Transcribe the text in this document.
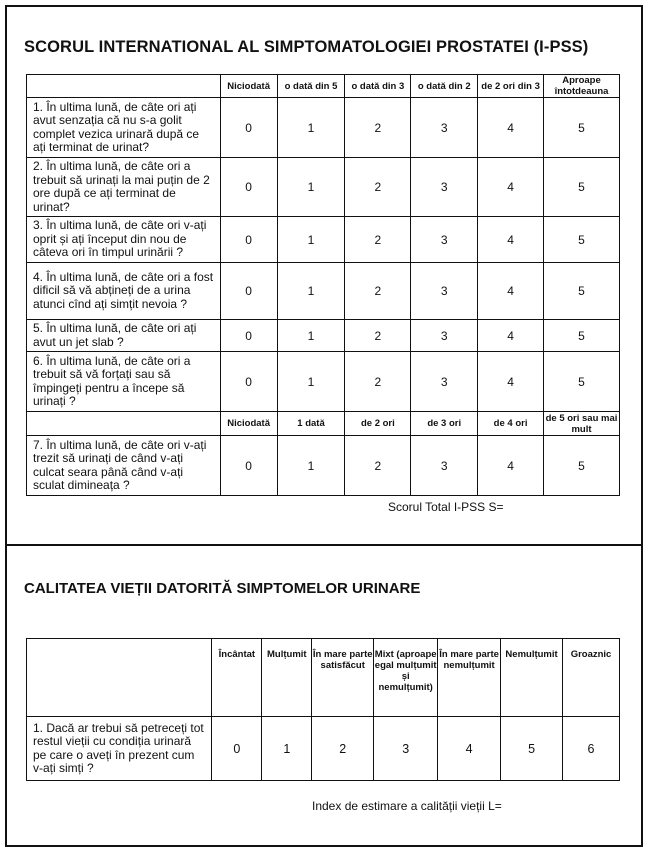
SCORUL INTERNATIONAL AL SIMPTOMATOLOGIEI PROSTATEI (I-PSS)
	Niciodată	o dată din 5	o dată din 3	o dată din 2	de 2 ori din 3	Aproape întotdeauna
1. În ultima lună, de câte ori ați avut senzația că nu s-a golit complet vezica urinară după ce ați terminat de urinat?	0	1	2	3	4	5
2. În ultima lună, de câte ori a trebuit să urinați la mai puțin de 2 ore după ce ați terminat de urinat?	0	1	2	3	4	5
3. În ultima lună, de câte ori v-ați oprit și ați început din nou de câteva ori în timpul urinării ?	0	1	2	3	4	5
4. În ultima lună, de câte ori a fost dificil să vă abțineți de a urina atunci cînd ați simțit nevoia ?	0	1	2	3	4	5
5. În ultima lună, de câte ori ați avut un jet slab ?	0	1	2	3	4	5
6. În ultima lună, de câte ori a trebuit să vă forțați sau să împingeți pentru a începe să urinați ?	0	1	2	3	4	5
	Niciodată	1 dată	de 2 ori	de 3 ori	de 4 ori	de 5 ori sau mai mult
7. În ultima lună, de câte ori v-ați trezit să urinați de când v-ați culcat seara până când v-ați sculat dimineața ?	0	1	2	3	4	5
Scorul Total I-PSS S=
CALITATEA VIEȚII DATORITĂ SIMPTOMELOR URINARE
	Încântat	Mulțumit	În mare parte satisfăcut	Mixt (aproape egal mulțumit și nemulțumit)	În mare parte nemulțumit	Nemulțumit	Groaznic
1. Dacă ar trebui să petreceți tot restul vieții cu condiția urinară pe care o aveți în prezent cum v-ați simți ?	0	1	2	3	4	5	6
Index de estimare a calității vieții L=
